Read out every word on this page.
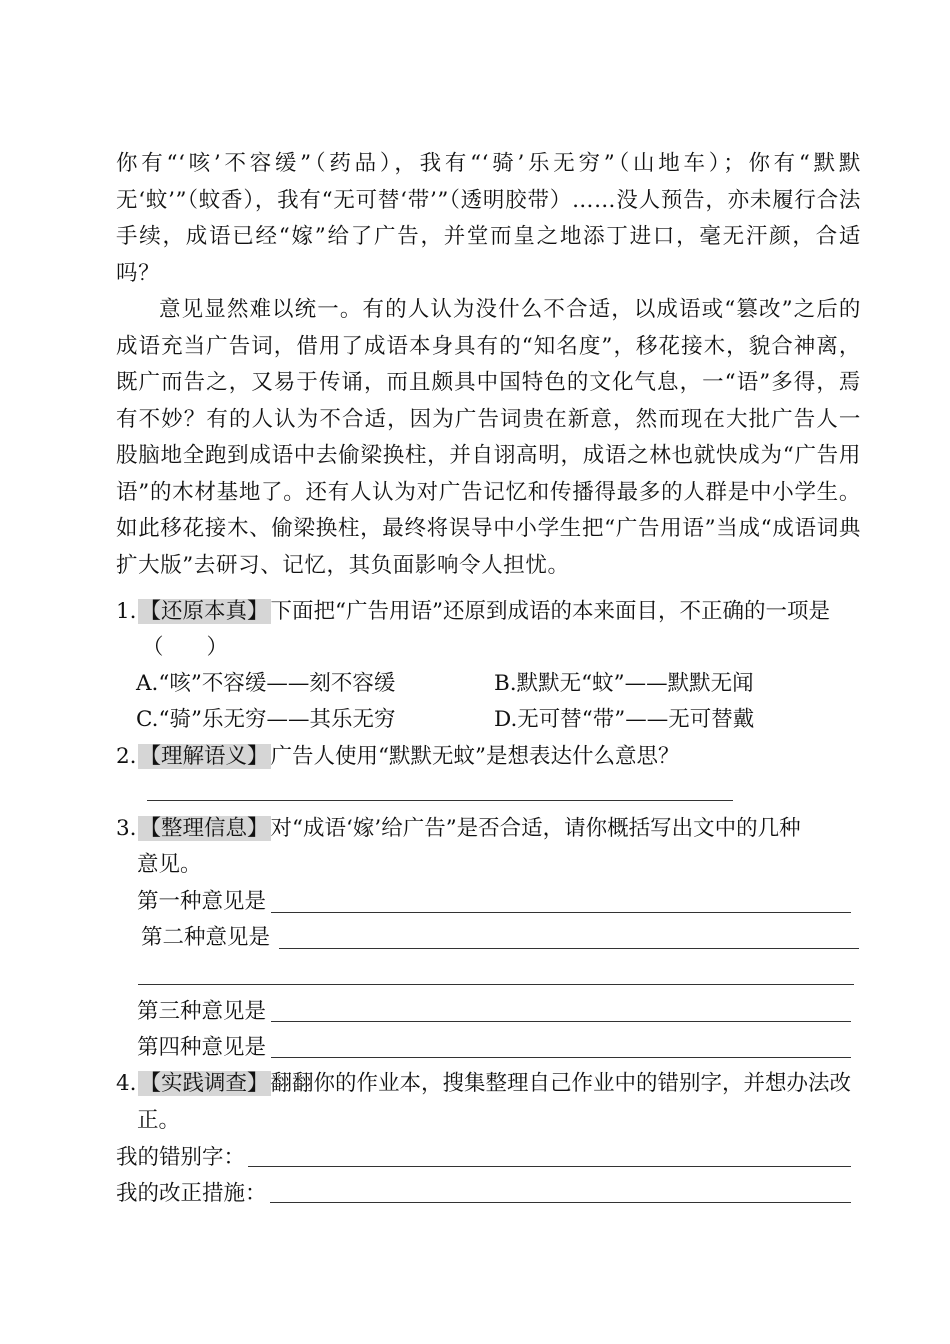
你有“‘咳’不容缓”（药品），我有“‘骑’乐无穷”（山地车）；你有“默默无‘蚊’”（蚊香），我有“无可替‘带’”（透明胶带）……没人预告，亦未履行合法手续，成语已经“嫁”给了广告，并堂而皇之地添丁进口，毫无汗颜，合适吗？

意见显然难以统一。有的人认为没什么不合适，以成语或“篡改”之后的成语充当广告词，借用了成语本身具有的“知名度”，移花接木，貌合神离，既广而告之，又易于传诵，而且颇具中国特色的文化气息，一“语”多得，焉有不妙？有的人认为不合适，因为广告词贵在新意，然而现在大批广告人一股脑地全跑到成语中去偷梁换柱，并自诩高明，成语之林也就快成为“广告用语”的木材基地了。还有人认为对广告记忆和传播得最多的人群是中小学生。如此移花接木、偷梁换柱，最终将误导中小学生把“广告用语”当成“成语词典扩大版”去研习、记忆，其负面影响令人担忧。

1. 【还原本真】下面把“广告用语”还原到成语的本来面目，不正确的一项是

（　　）

A.“咳”不容缓——刻不容缓	B.默默无“蚊”——默默无闻

C.“骑”乐无穷——其乐无穷	D.无可替“带”——无可替戴

2. 【理解语义】广告人使用“默默无蚊”是想表达什么意思？

3. 【整理信息】对“成语‘嫁’给广告”是否合适，请你概括写出文中的几种

意见。

第一种意见是

第二种意见是

第三种意见是

第四种意见是

4. 【实践调查】翻翻你的作业本，搜集整理自己作业中的错别字，并想办法改

正。

我的错别字：

我的改正措施：
